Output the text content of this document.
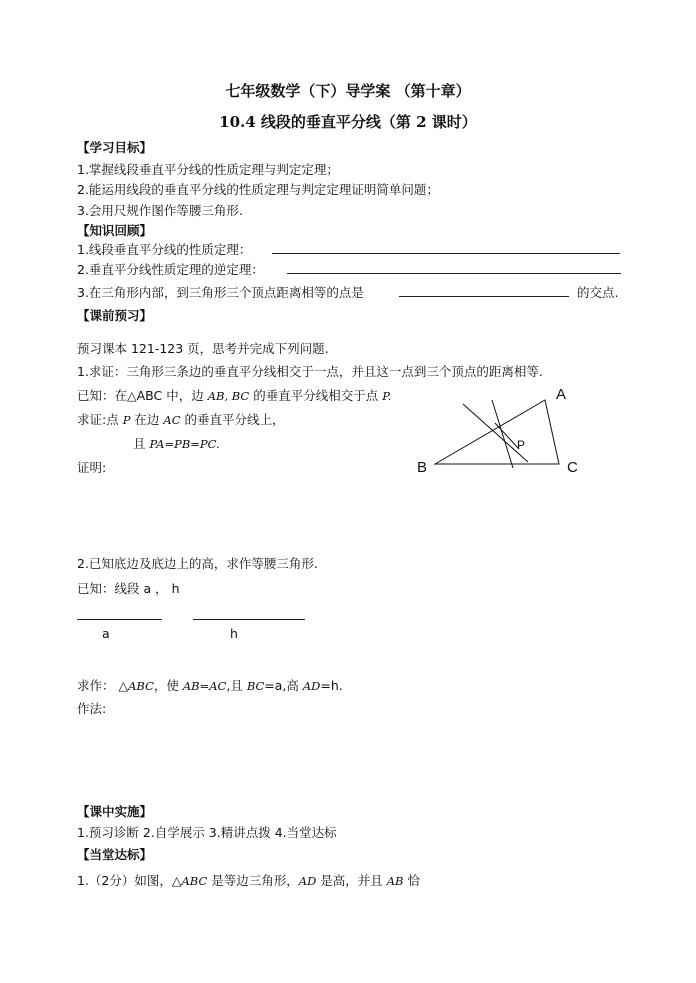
七年级数学（下）导学案 （第十章）
10.4 线段的垂直平分线（第 2 课时）
【学习目标】
1.掌握线段垂直平分线的性质定理与判定定理；
2.能运用线段的垂直平分线的性质定理与判定定理证明简单问题；
3.会用尺规作图作等腰三角形.
【知识回顾】
1.线段垂直平分线的性质定理：
2.垂直平分线性质定理的逆定理：
3.在三角形内部，到三角形三个顶点距离相等的点是	的交点.
【课前预习】
预习课本 121-123 页，思考并完成下列问题.
1.求证：三角形三条边的垂直平分线相交于一点，并且这一点到三个顶点的距离相等.
已知：在△ABC 中，边 AB, BC 的垂直平分线相交于点 P.
求证:点 P 在边 AC 的垂直平分线上，
且 PA=PB=PC.
证明:
A
B	C
P
2.已知底边及底边上的高，求作等腰三角形.
已知：线段 a ， h
a	h
求作： △ABC，使 AB=AC,且 BC=a,高 AD=h.
作法:
【课中实施】
1.预习诊断 2.自学展示 3.精讲点拨 4.当堂达标
【当堂达标】
1.（2分）如图，△ABC 是等边三角形，AD 是高，并且 AB 恰
